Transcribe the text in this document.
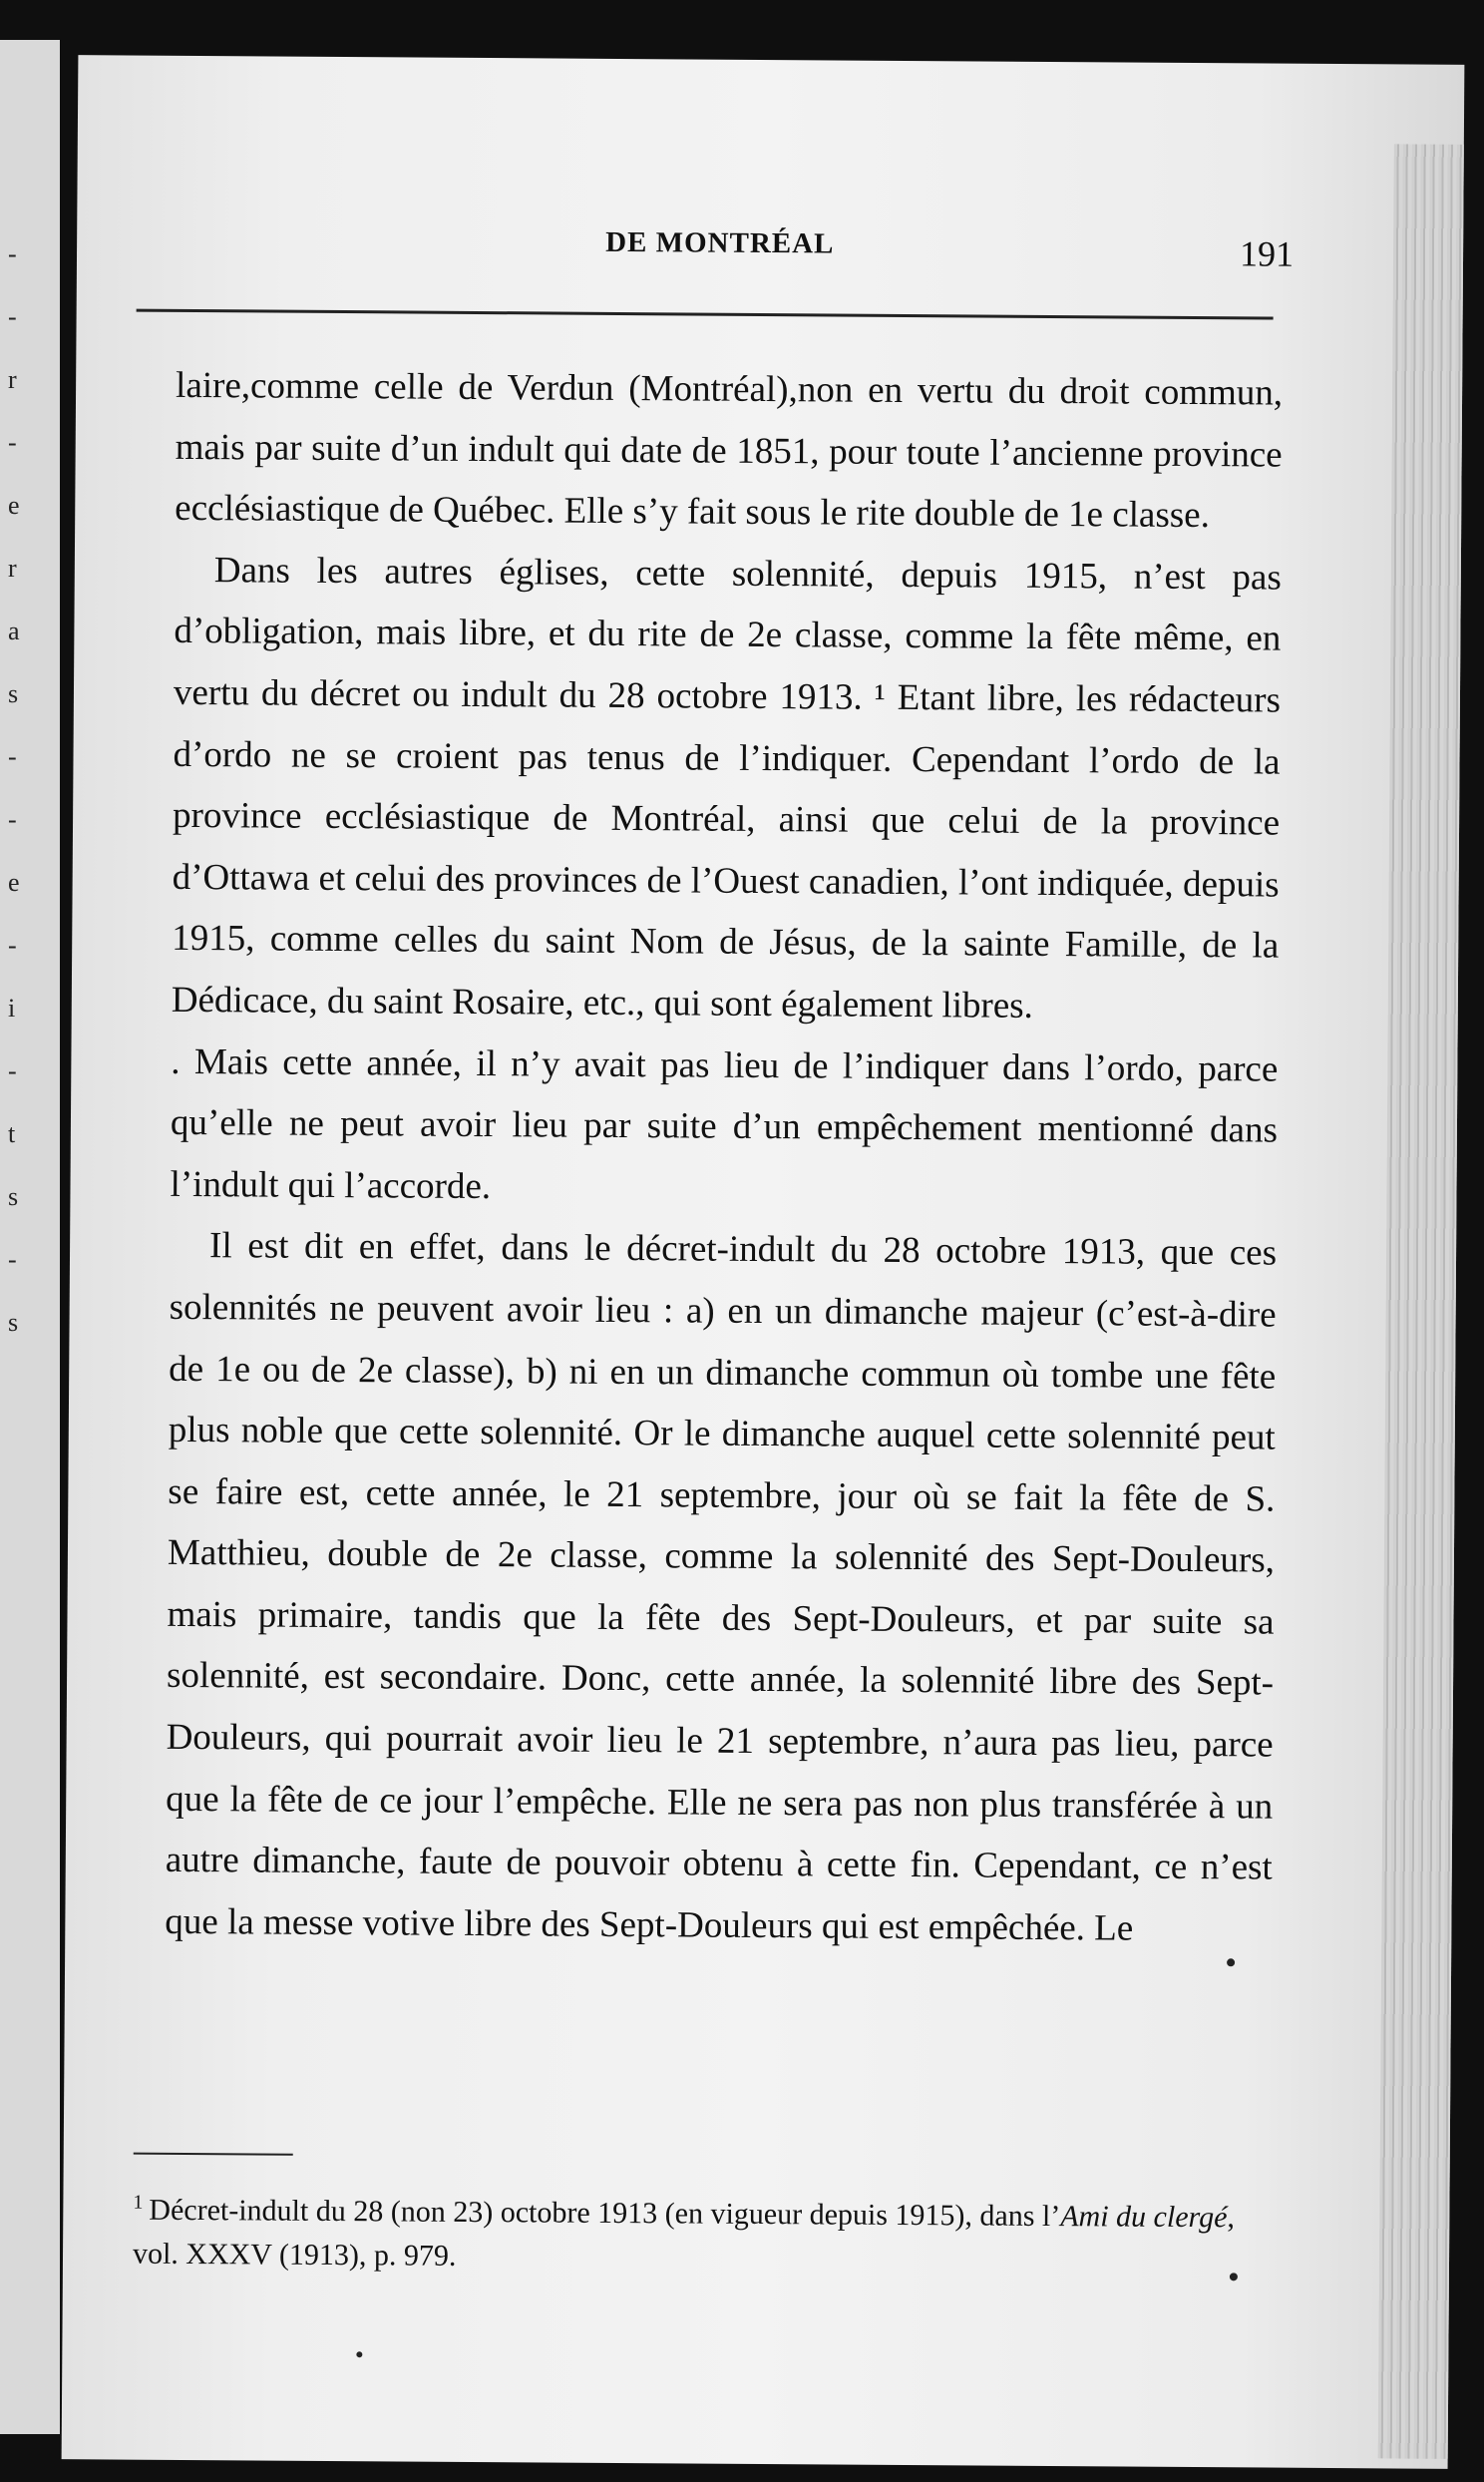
-
-
r
-
e
r
a
s
-
-
e
-
i
-
t
s
-
s
DE MONTRÉAL	191

laire,comme celle de Verdun (Montréal),non en vertu du droit commun, mais par suite d’un indult qui date de 1851, pour toute l’ancienne province ecclésiastique de Québec. Elle s’y fait sous le rite double de 1e classe.

Dans les autres églises, cette solennité, depuis 1915, n’est pas d’obligation, mais libre, et du rite de 2e classe, comme la fête même, en vertu du décret ou indult du 28 octobre 1913. ¹ Etant libre, les rédacteurs d’ordo ne se croient pas tenus de l’indiquer. Cependant l’ordo de la province ecclésiastique de Montréal, ainsi que celui de la province d’Ottawa et celui des provinces de l’Ouest canadien, l’ont indiquée, depuis 1915, comme celles du saint Nom de Jésus, de la sainte Famille, de la Dédicace, du saint Rosaire, etc., qui sont également libres.

. Mais cette année, il n’y avait pas lieu de l’indiquer dans l’ordo, parce qu’elle ne peut avoir lieu par suite d’un empêchement mentionné dans l’indult qui l’accorde.

Il est dit en effet, dans le décret-indult du 28 octobre 1913, que ces solennités ne peuvent avoir lieu : a) en un dimanche majeur (c’est-à-dire de 1e ou de 2e classe), b) ni en un dimanche commun où tombe une fête plus noble que cette solennité. Or le dimanche auquel cette solennité peut se faire est, cette année, le 21 septembre, jour où se fait la fête de S. Matthieu, double de 2e classe, comme la solennité des Sept-Douleurs, mais primaire, tandis que la fête des Sept-Douleurs, et par suite sa solennité, est secondaire. Donc, cette année, la solennité libre des Sept-Douleurs, qui pourrait avoir lieu le 21 septembre, n’aura pas lieu, parce que la fête de ce jour l’empêche. Elle ne sera pas non plus transférée à un autre dimanche, faute de pouvoir obtenu à cette fin. Cependant, ce n’est que la messe votive libre des Sept-Douleurs qui est empêchée. Le

$^1$ Décret-indult du 28 (non 23) octobre 1913 (en vigueur depuis 1915), dans l’Ami du clergé, vol. XXXV (1913), p. 979.
